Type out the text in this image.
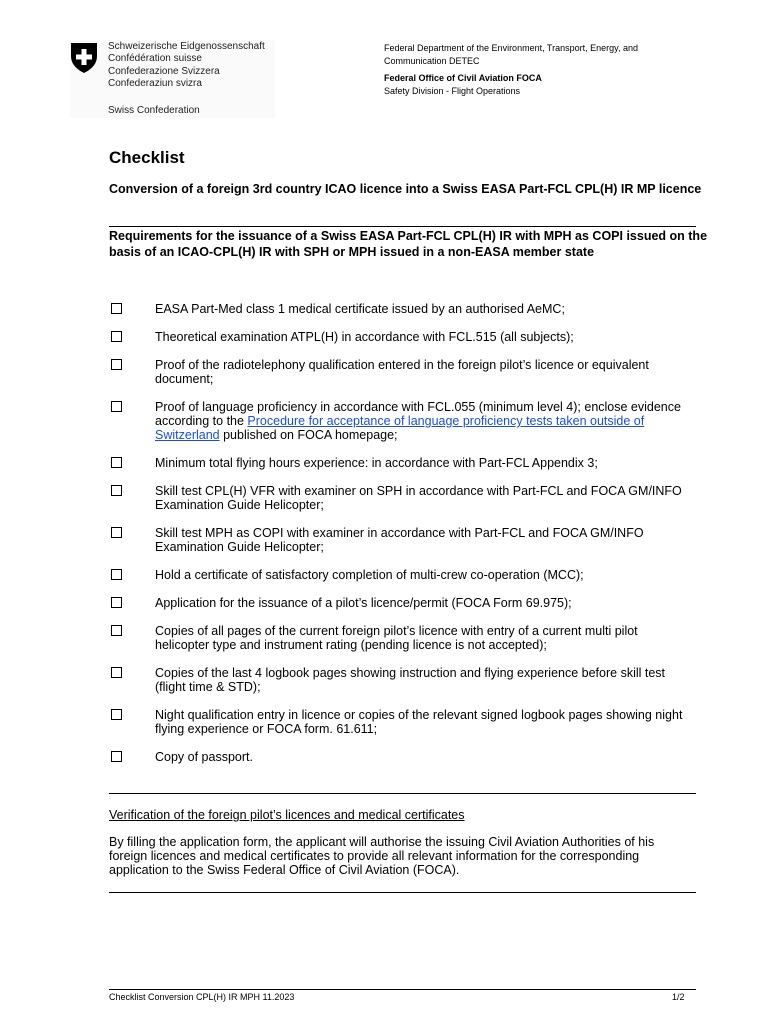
Schweizerische Eidgenossenschaft
Confédération suisse
Confederazione Svizzera
Confederaziun svizra
Swiss Confederation
Federal Department of the Environment, Transport, Energy, and
Communication DETEC
Federal Office of Civil Aviation FOCA
Safety Division - Flight Operations
Checklist
Conversion of a foreign 3rd country ICAO licence into a Swiss EASA Part-FCL CPL(H) IR MP licence
Requirements for the issuance of a Swiss EASA Part-FCL CPL(H) IR with MPH as COPI issued on the basis of an ICAO-CPL(H) IR with SPH or MPH issued in a non-EASA member state
EASA Part-Med class 1 medical certificate issued by an authorised AeMC;
Theoretical examination ATPL(H) in accordance with FCL.515 (all subjects);
Proof of the radiotelephony qualification entered in the foreign pilot’s licence or equivalent document;
Proof of language proficiency in accordance with FCL.055 (minimum level 4); enclose evidence according to the Procedure for acceptance of language proficiency tests taken outside of Switzerland published on FOCA homepage;
Minimum total flying hours experience: in accordance with Part-FCL Appendix 3;
Skill test CPL(H) VFR with examiner on SPH in accordance with Part-FCL and FOCA GM/INFO Examination Guide Helicopter;
Skill test MPH as COPI with examiner in accordance with Part-FCL and FOCA GM/INFO Examination Guide Helicopter;
Hold a certificate of satisfactory completion of multi-crew co-operation (MCC);
Application for the issuance of a pilot’s licence/permit (FOCA Form 69.975);
Copies of all pages of the current foreign pilot’s licence with entry of a current multi pilot helicopter type and instrument rating (pending licence is not accepted);
Copies of the last 4 logbook pages showing instruction and flying experience before skill test (flight time & STD);
Night qualification entry in licence or copies of the relevant signed logbook pages showing night flying experience or FOCA form. 61.611;
Copy of passport.
Verification of the foreign pilot’s licences and medical certificates
By filling the application form, the applicant will authorise the issuing Civil Aviation Authorities of his foreign licences and medical certificates to provide all relevant information for the corresponding application to the Swiss Federal Office of Civil Aviation (FOCA).
Checklist Conversion CPL(H) IR MPH 11.2023	1/2
